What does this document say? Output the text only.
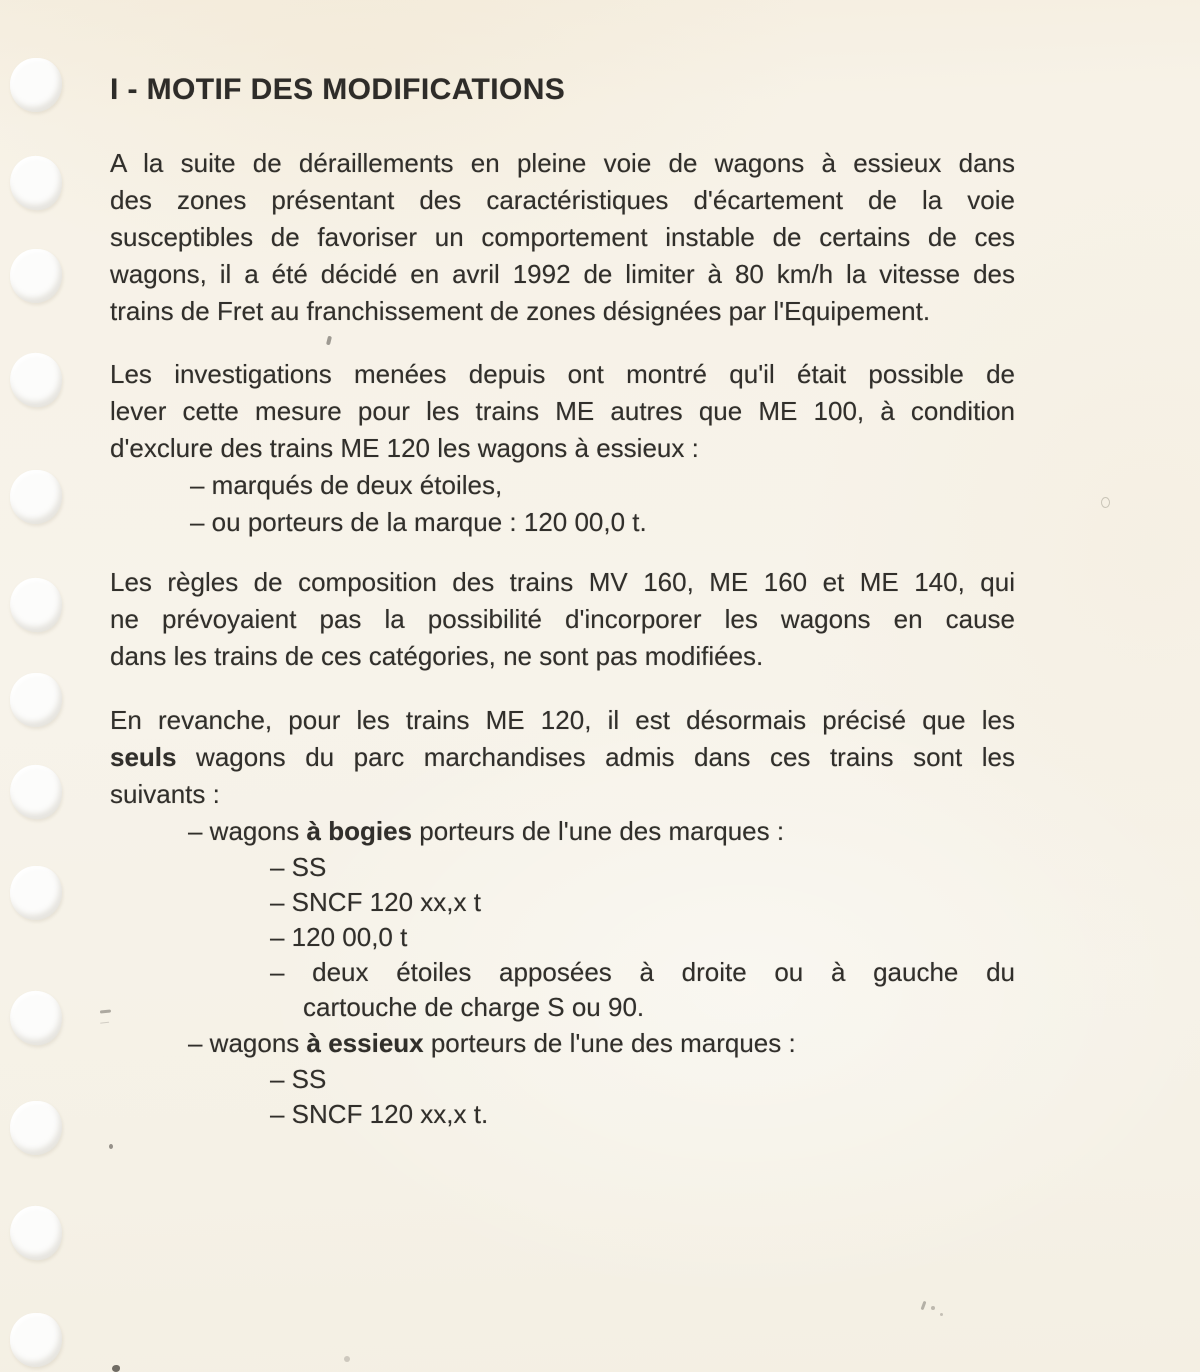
I - MOTIF DES MODIFICATIONS
A la suite de déraillements en pleine voie de wagons à essieux dans
des zones présentant des caractéristiques d'écartement de la voie
susceptibles de favoriser un comportement instable de certains de ces
wagons, il a été décidé en avril 1992 de limiter à 80 km/h la vitesse des
trains de Fret au franchissement de zones désignées par l'Equipement.
Les investigations menées depuis ont montré qu'il était possible de
lever cette mesure pour les trains ME autres que ME 100, à condition
d'exclure des trains ME 120 les wagons à essieux :
– marqués de deux étoiles,
– ou porteurs de la marque : 120 00,0 t.
Les règles de composition des trains MV 160, ME 160 et ME 140, qui
ne prévoyaient pas la possibilité d'incorporer les wagons en cause
dans les trains de ces catégories, ne sont pas modifiées.
En revanche, pour les trains ME 120, il est désormais précisé que les
seuls wagons du parc marchandises admis dans ces trains sont les
suivants :

– wagons à bogies porteurs de l'une des marques :

– SS
– SNCF 120 xx,x t
– 120 00,0 t
– deux étoiles apposées à droite ou à gauche du
cartouche de charge S ou 90.

– wagons à essieux porteurs de l'une des marques :

– SS
– SNCF 120 xx,x t.
